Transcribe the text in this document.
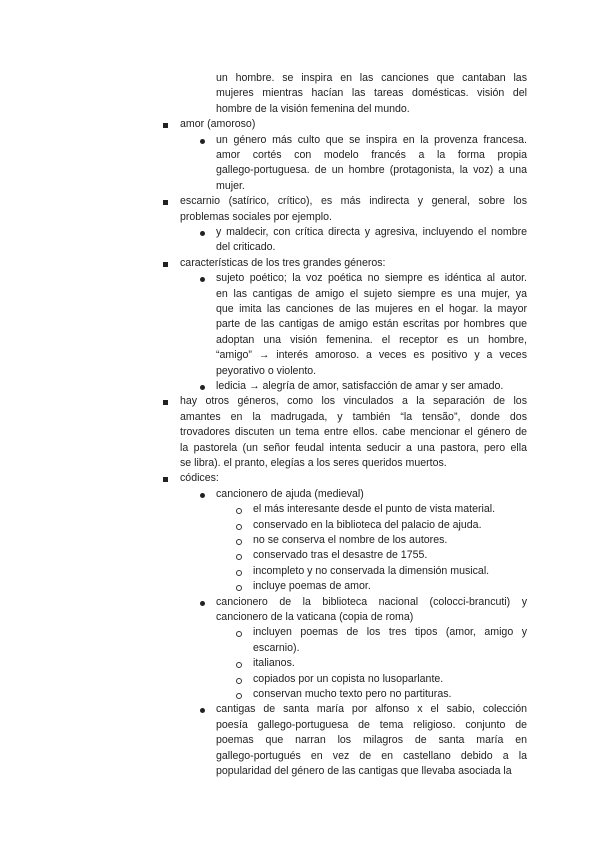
un hombre. se inspira en las canciones que cantaban las
mujeres mientras hacían las tareas domésticas. visión del
hombre de la visión femenina del mundo.
amor (amoroso)
un género más culto que se inspira en la provenza francesa.
amor cortés con modelo francés a la forma propia
gallego-portuguesa. de un hombre (protagonista, la voz) a una
mujer.
escarnio (satírico, crítico), es más indirecta y general, sobre los
problemas sociales por ejemplo.
y maldecir, con crítica directa y agresiva, incluyendo el nombre
del criticado.
características de los tres grandes géneros:
sujeto poético; la voz poética no siempre es idéntica al autor.
en las cantigas de amigo el sujeto siempre es una mujer, ya
que imita las canciones de las mujeres en el hogar. la mayor
parte de las cantigas de amigo están escritas por hombres que
adoptan una visión femenina. el receptor es un hombre,
“amigo” → interés amoroso. a veces es positivo y a veces
peyorativo o violento.
ledicia → alegría de amor, satisfacción de amar y ser amado.
hay otros géneros, como los vinculados a la separación de los
amantes en la madrugada, y también “la tensão”, donde dos
trovadores discuten un tema entre ellos. cabe mencionar el género de
la pastorela (un señor feudal intenta seducir a una pastora, pero ella
se libra). el pranto, elegías a los seres queridos muertos.
códices:
cancionero de ajuda (medieval)
el más interesante desde el punto de vista material.
conservado en la biblioteca del palacio de ajuda.
no se conserva el nombre de los autores.
conservado tras el desastre de 1755.
incompleto y no conservada la dimensión musical.
incluye poemas de amor.
cancionero de la biblioteca nacional (colocci-brancuti) y
cancionero de la vaticana (copia de roma)
incluyen poemas de los tres tipos (amor, amigo y
escarnio).
italianos.
copiados por un copista no lusoparlante.
conservan mucho texto pero no partituras.
cantigas de santa maría por alfonso x el sabio, colección
poesía gallego-portuguesa de tema religioso. conjunto de
poemas que narran los milagros de santa maría en
gallego-portugués en vez de en castellano debido a la
popularidad del género de las cantigas que llevaba asociada la
